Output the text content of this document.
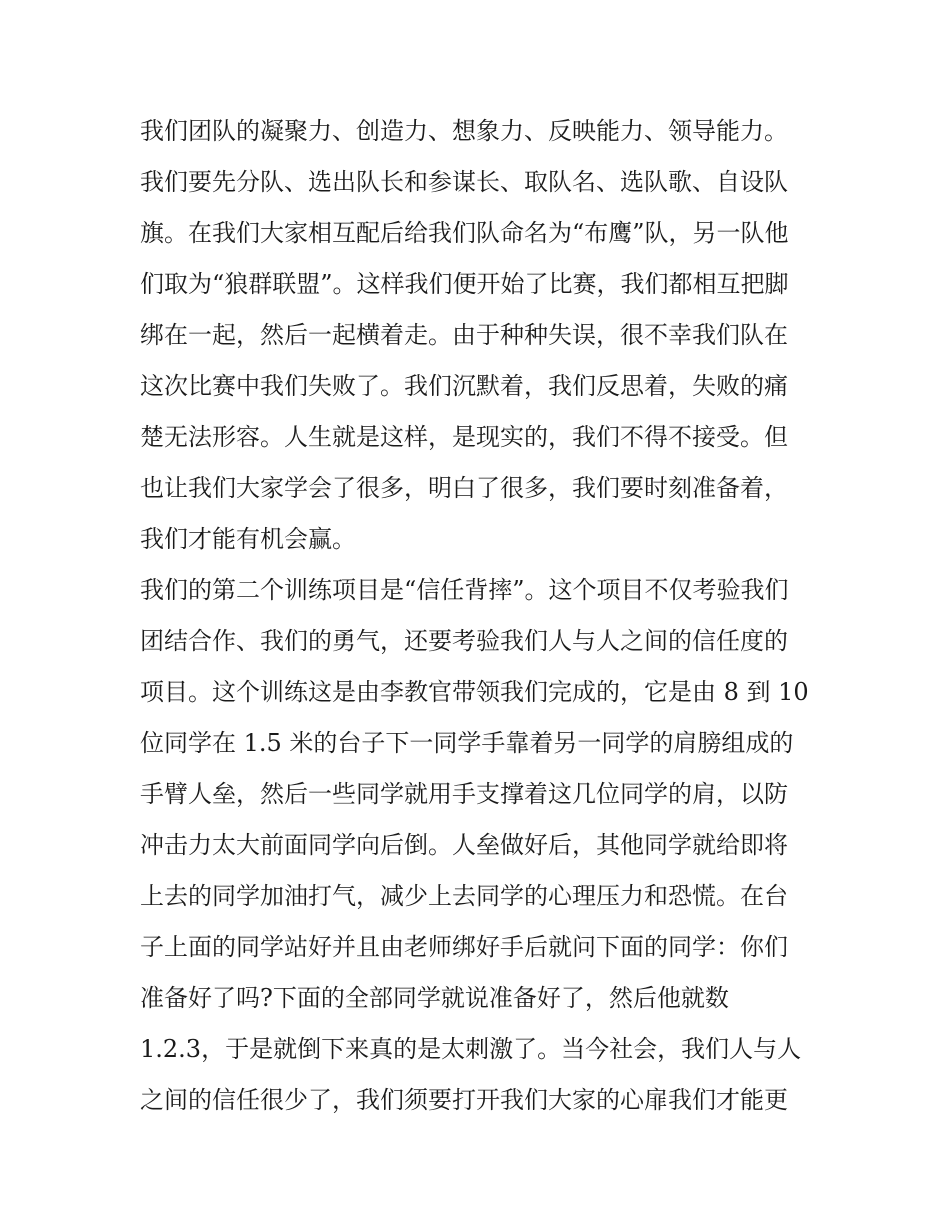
我们团队的凝聚力、创造力、想象力、反映能力、领导能力。
我们要先分队、选出队长和参谋长、取队名、选队歌、自设队
旗。在我们大家相互配后给我们队命名为“布鹰”队，另一队他
们取为“狼群联盟”。这样我们便开始了比赛，我们都相互把脚
绑在一起，然后一起横着走。由于种种失误，很不幸我们队在
这次比赛中我们失败了。我们沉默着，我们反思着，失败的痛
楚无法形容。人生就是这样，是现实的，我们不得不接受。但
也让我们大家学会了很多，明白了很多，我们要时刻准备着，
我们才能有机会赢。
我们的第二个训练项目是“信任背摔”。这个项目不仅考验我们
团结合作、我们的勇气，还要考验我们人与人之间的信任度的
项目。这个训练这是由李教官带领我们完成的，它是由 8 到 10
位同学在 1.5 米的台子下一同学手靠着另一同学的肩膀组成的
手臂人垒，然后一些同学就用手支撑着这几位同学的肩，以防
冲击力太大前面同学向后倒。人垒做好后，其他同学就给即将
上去的同学加油打气，减少上去同学的心理压力和恐慌。在台
子上面的同学站好并且由老师绑好手后就问下面的同学：你们
准备好了吗?下面的全部同学就说准备好了，然后他就数
1.2.3，于是就倒下来真的是太刺激了。当今社会，我们人与人
之间的信任很少了，我们须要打开我们大家的心扉我们才能更
